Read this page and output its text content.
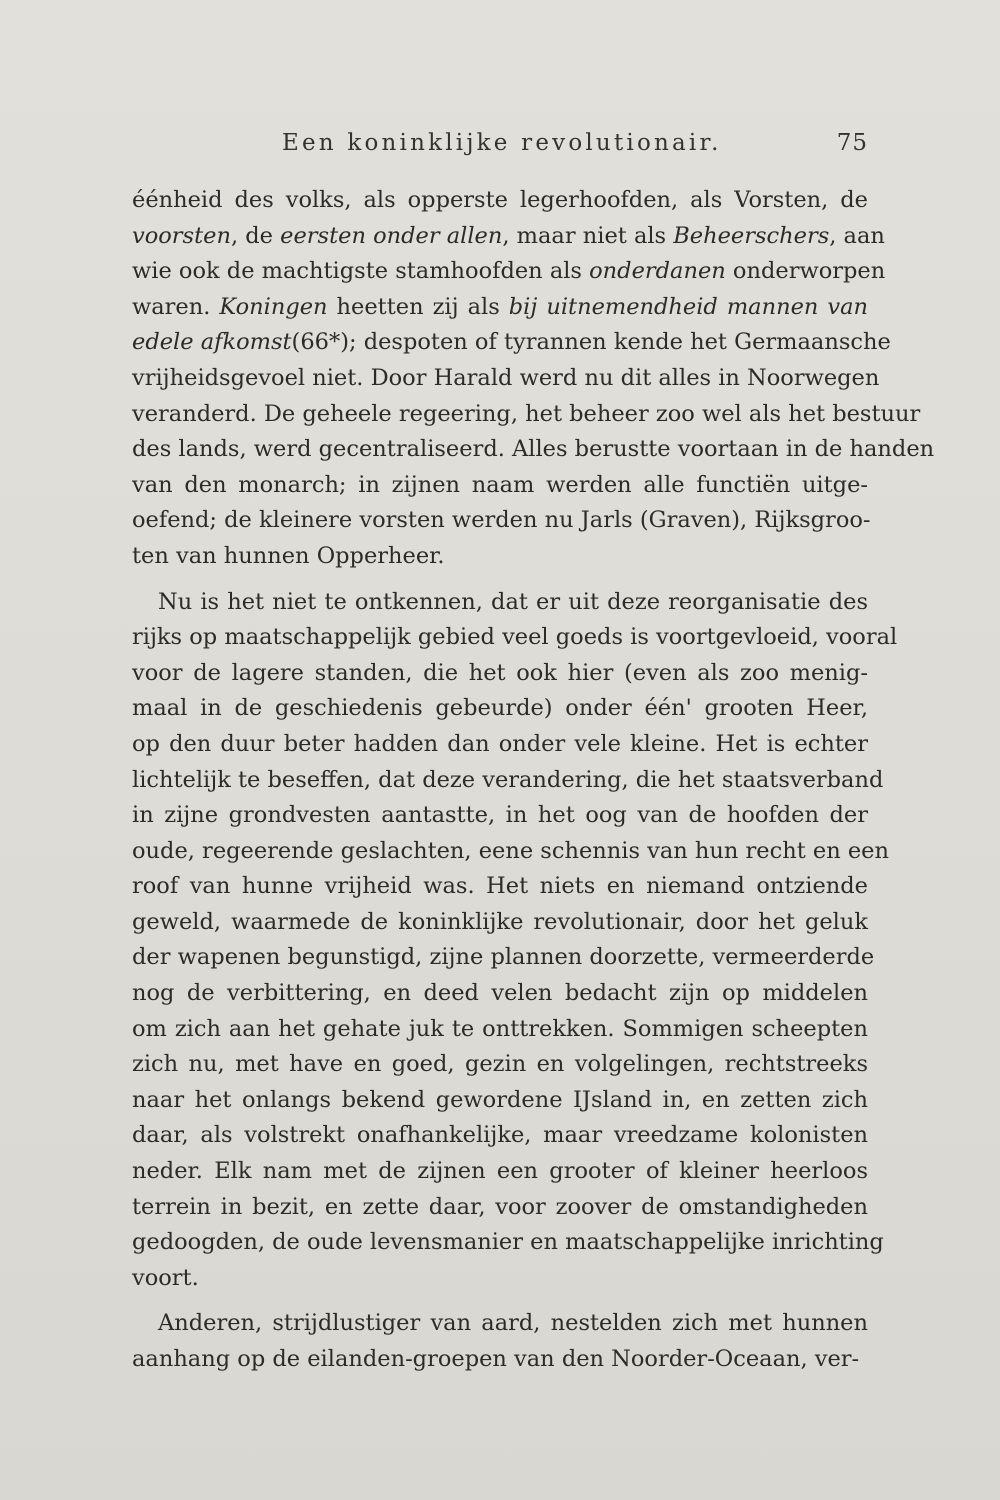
Een koninklijke revolutionair.	75
éénheid des volks, als opperste legerhoofden, als Vorsten, de
voorsten, de eersten onder allen, maar niet als Beheerschers, aan
wie ook de machtigste stamhoofden als onderdanen onderworpen
waren. Koningen heetten zij als bij uitnemendheid mannen van
edele afkomst(66*); despoten of tyrannen kende het Germaansche
vrijheidsgevoel niet. Door Harald werd nu dit alles in Noorwegen
veranderd. De geheele regeering, het beheer zoo wel als het bestuur
des lands, werd gecentraliseerd. Alles berustte voortaan in de handen
van den monarch; in zijnen naam werden alle functiën uitge-
oefend; de kleinere vorsten werden nu Jarls (Graven), Rijksgroo-
ten van hunnen Opperheer.
Nu is het niet te ontkennen, dat er uit deze reorganisatie des
rijks op maatschappelijk gebied veel goeds is voortgevloeid, vooral
voor de lagere standen, die het ook hier (even als zoo menig-
maal in de geschiedenis gebeurde) onder één' grooten Heer,
op den duur beter hadden dan onder vele kleine. Het is echter
lichtelijk te beseffen, dat deze verandering, die het staatsverband
in zijne grondvesten aantastte, in het oog van de hoofden der
oude, regeerende geslachten, eene schennis van hun recht en een
roof van hunne vrijheid was. Het niets en niemand ontziende
geweld, waarmede de koninklijke revolutionair, door het geluk
der wapenen begunstigd, zijne plannen doorzette, vermeerderde
nog de verbittering, en deed velen bedacht zijn op middelen
om zich aan het gehate juk te onttrekken. Sommigen scheepten
zich nu, met have en goed, gezin en volgelingen, rechtstreeks
naar het onlangs bekend gewordene IJsland in, en zetten zich
daar, als volstrekt onafhankelijke, maar vreedzame kolonisten
neder. Elk nam met de zijnen een grooter of kleiner heerloos
terrein in bezit, en zette daar, voor zoover de omstandigheden
gedoogden, de oude levensmanier en maatschappelijke inrichting
voort.
Anderen, strijdlustiger van aard, nestelden zich met hunnen
aanhang op de eilanden-groepen van den Noorder-Oceaan, ver-
